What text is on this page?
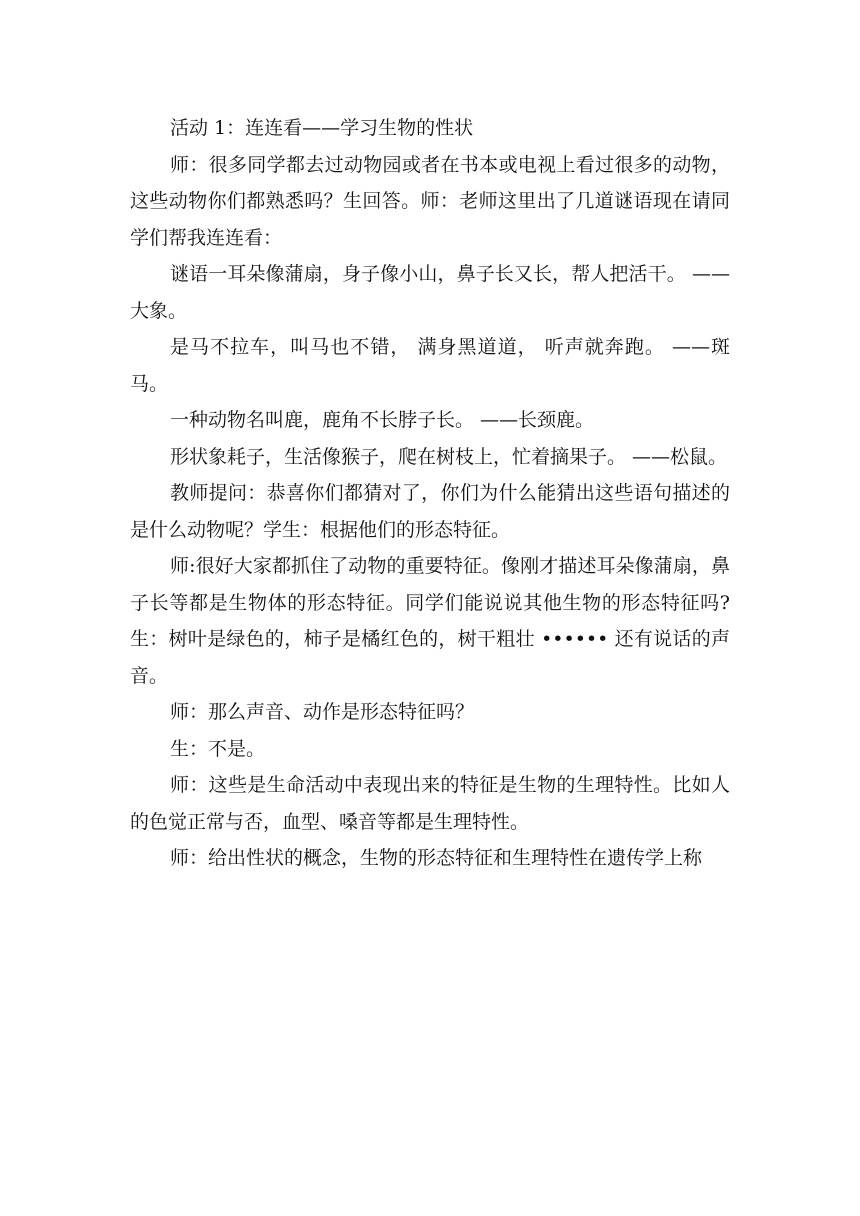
活动 1：连连看——学习生物的性状

师：很多同学都去过动物园或者在书本或电视上看过很多的动物，这些动物你们都熟悉吗？生回答。师：老师这里出了几道谜语现在请同学们帮我连连看：

谜语一耳朵像蒲扇，身子像小山，鼻子长又长，帮人把活干。 ——大象。

是马不拉车，叫马也不错， 满身黑道道， 听声就奔跑。 ——斑马。

一种动物名叫鹿，鹿角不长脖子长。 ——长颈鹿。

形状象耗子，生活像猴子，爬在树枝上，忙着摘果子。 ——松鼠。

教师提问：恭喜你们都猜对了，你们为什么能猜出这些语句描述的是什么动物呢？学生：根据他们的形态特征。

师:很好大家都抓住了动物的重要特征。像刚才描述耳朵像蒲扇，鼻子长等都是生物体的形态特征。同学们能说说其他生物的形态特征吗?生：树叶是绿色的，柿子是橘红色的，树干粗壮 •••••• 还有说话的声音。

师：那么声音、动作是形态特征吗？

生：不是。

师：这些是生命活动中表现出来的特征是生物的生理特性。比如人的色觉正常与否，血型、嗓音等都是生理特性。

师：给出性状的概念，生物的形态特征和生理特性在遗传学上称
